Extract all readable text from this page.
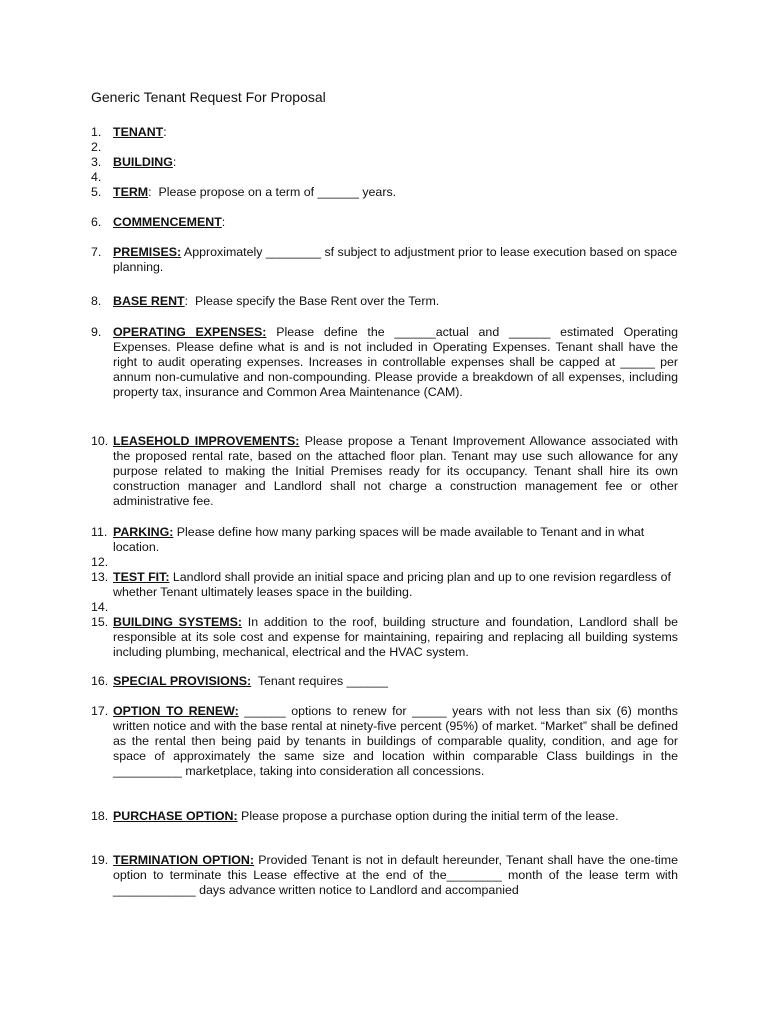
Generic Tenant Request For Proposal
1. TENANT:
2.

3. BUILDING:
4.

5. TERM:  Please propose on a term of ______ years.
6. COMMENCEMENT:
7. PREMISES: Approximately ________ sf subject to adjustment prior to lease execution based on space planning.
8. BASE RENT:  Please specify the Base Rent over the Term.
9. OPERATING EXPENSES: Please define the ______actual and ______ estimated Operating Expenses. Please define what is and is not included in Operating Expenses. Tenant shall have the right to audit operating expenses. Increases in controllable expenses shall be capped at _____ per annum non-cumulative and non-compounding. Please provide a breakdown of all expenses, including property tax, insurance and Common Area Maintenance (CAM).
10. LEASEHOLD IMPROVEMENTS: Please propose a Tenant Improvement Allowance associated with the proposed rental rate, based on the attached floor plan. Tenant may use such allowance for any purpose related to making the Initial Premises ready for its occupancy. Tenant shall hire its own construction manager and Landlord shall not charge a construction management fee or other administrative fee.
11. PARKING: Please define how many parking spaces will be made available to Tenant and in what location.
12.

13. TEST FIT: Landlord shall provide an initial space and pricing plan and up to one revision regardless of whether Tenant ultimately leases space in the building.
14.

15. BUILDING SYSTEMS: In addition to the roof, building structure and foundation, Landlord shall be responsible at its sole cost and expense for maintaining, repairing and replacing all building systems including plumbing, mechanical, electrical and the HVAC system.
16. SPECIAL PROVISIONS:  Tenant requires ______
17. OPTION TO RENEW: ______ options to renew for _____ years with not less than six (6) months written notice and with the base rental at ninety-five percent (95%) of market. “Market” shall be defined as the rental then being paid by tenants in buildings of comparable quality, condition, and age for space of approximately the same size and location within comparable Class buildings in the __________ marketplace, taking into consideration all concessions.
18. PURCHASE OPTION: Please propose a purchase option during the initial term of the lease.
19. TERMINATION OPTION: Provided Tenant is not in default hereunder, Tenant shall have the one-time option to terminate this Lease effective at the end of the________ month of the lease term with ____________ days advance written notice to Landlord and accompanied
